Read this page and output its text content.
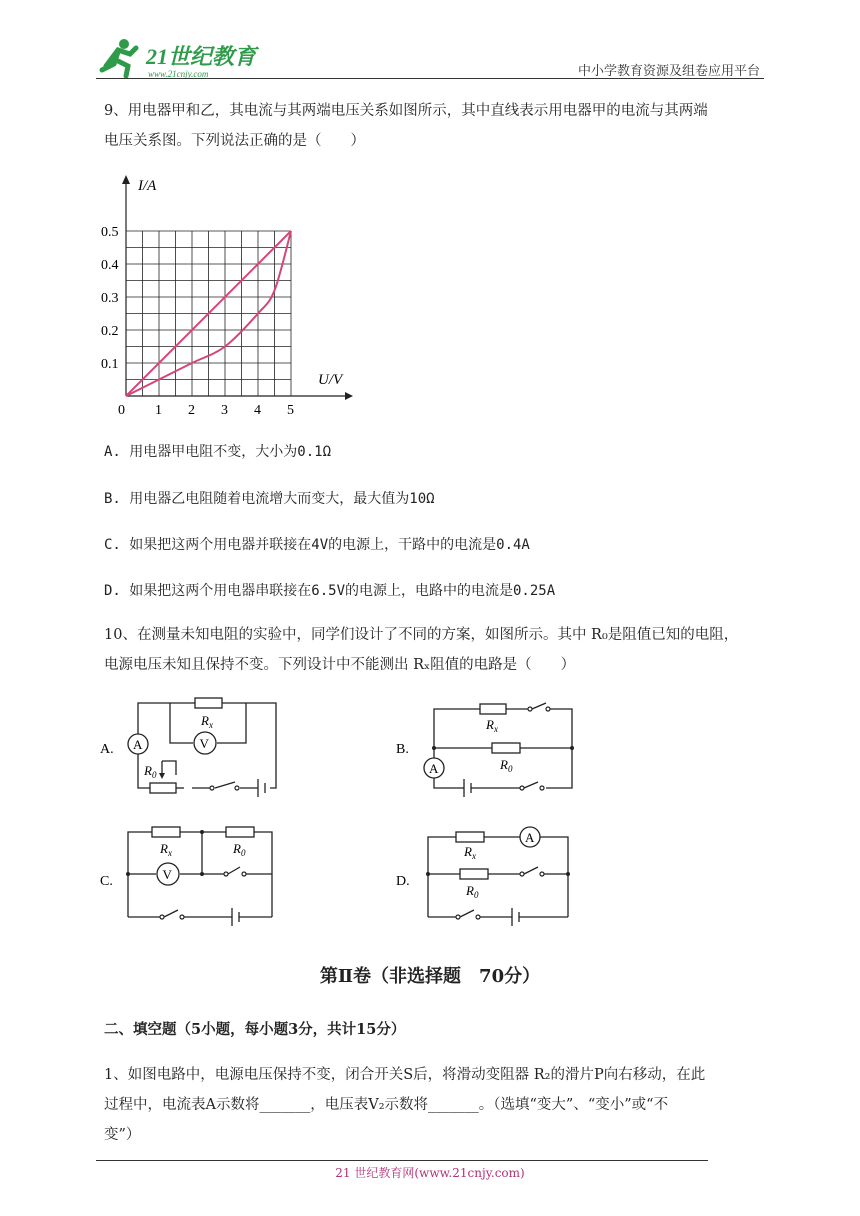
21世纪教育
www.21cnjy.com	中小学教育资源及组卷应用平台
9、用电器甲和乙，其电流与其两端电压关系如图所示，其中直线表示用电器甲的电流与其两端
电压关系图。下列说法正确的是（　　）
0 1 2 3 4 5
0.1
0.2
0.3
0.4
0.5
I/A
U/V
A. 用电器甲电阻不变，大小为0.1Ω
B. 用电器乙电阻随着电流增大而变大，最大值为10Ω
C. 如果把这两个用电器并联接在4V的电源上，干路中的电流是0.4A
D. 如果把这两个用电器串联接在6.5V的电源上，电路中的电流是0.25A
10、在测量未知电阻的实验中，同学们设计了不同的方案，如图所示。其中 R₀是阻值已知的电阻，
电源电压未知且保持不变。下列设计中不能测出 Rₓ阻值的电路是（　　）
A.
$R_x$
V
A
$R_0$
B.
$R_x$
$R_0$
A
C.
$R_x$	$R_0$
V	D.
$R_x$
A
$R_0$
第Ⅱ卷（非选择题　70分）
二、填空题（5小题，每小题3分，共计15分）
1、如图电路中，电源电压保持不变，闭合开关S后，将滑动变阻器 R₂的滑片P向右移动，在此
过程中，电流表A示数将_______，电压表V₂示数将_______。（选填“变大”、“变小”或“不
变”）
21 世纪教育网(www.21cnjy.com)
